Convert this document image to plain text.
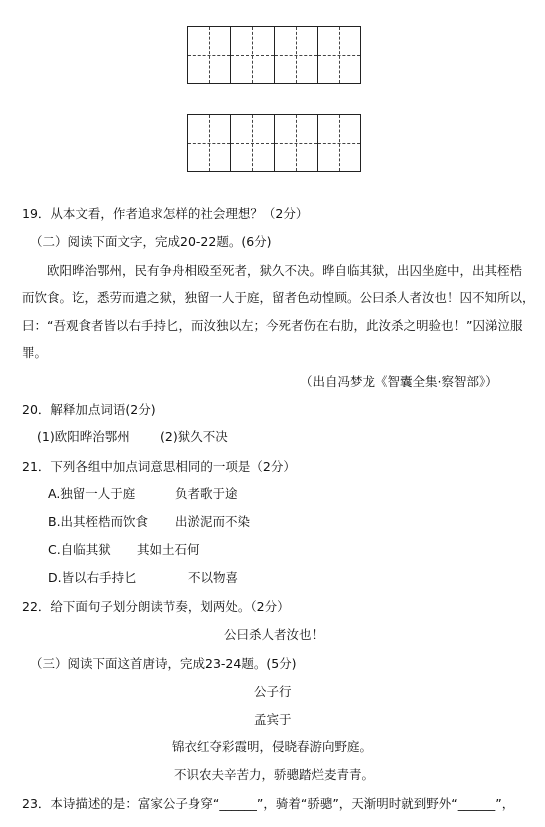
19．从本文看，作者追求怎样的社会理想？（2分）
（二）阅读下面文字，完成20-22题。(6分)
欧阳晔治鄂州，民有争舟相殴至死者，狱久不决。晔自临其狱，出囚坐庭中，出其桎梏
而饮食。讫，悉劳而遣之狱，独留一人于庭，留者色动惶顾。公曰杀人者汝也！囚不知所以，
曰：“吾观食者皆以右手持匕，而汝独以左；今死者伤在右肋，此汝杀之明验也！”囚涕泣服
罪。
（出自冯梦龙《智囊全集·察智部》）
20．解释加点词语(2分)
(1)欧阳晔治鄂州 (2)狱久不决
21．下列各组中加点词意思相同的一项是（2分）
A.独留一人于庭	负者歌于途
B.出其桎梏而饮食 出淤泥而不染
C.自临其狱 其如土石何
D.皆以右手持匕	不以物喜
22．给下面句子划分朗读节奏，划两处。（2分）
公曰杀人者汝也！
（三）阅读下面这首唐诗，完成23-24题。(5分)
公子行
孟宾于
锦衣红夺彩霞明，侵晓春游向野庭。
不识农夫辛苦力，骄骢踏烂麦青青。
23．本诗描述的是：富家公子身穿“______”，骑着“骄骢”，天渐明时就到野外“______”，
